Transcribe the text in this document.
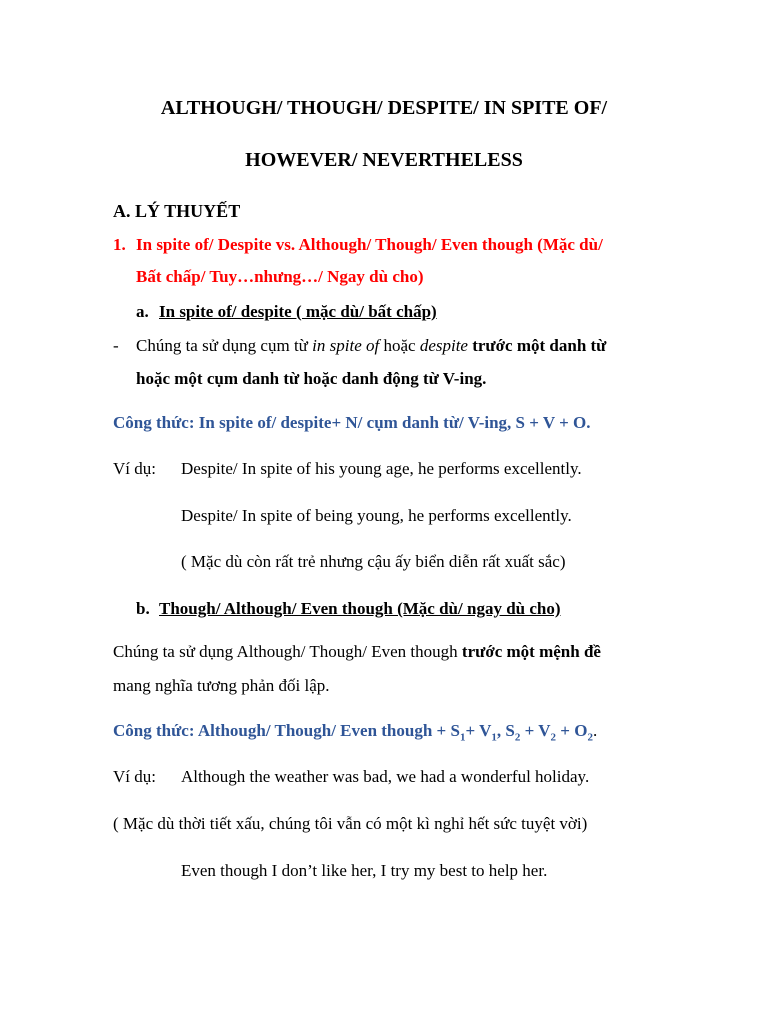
ALTHOUGH/ THOUGH/ DESPITE/ IN SPITE OF/
HOWEVER/ NEVERTHELESS
A. LÝ THUYẾT
1. In spite of/ Despite vs. Although/ Though/ Even though (Mặc dù/
Bất chấp/ Tuy…nhưng…/ Ngay dù cho)
a. In spite of/ despite ( mặc dù/ bất chấp)
- Chúng ta sử dụng cụm từ in spite of hoặc despite trước một danh từ
hoặc một cụm danh từ hoặc danh động từ V-ing.
Công thức: In spite of/ despite+ N/ cụm danh từ/ V-ing, S + V + O.
Ví dụ: Despite/ In spite of his young age, he performs excellently.
Despite/ In spite of being young, he performs excellently.
( Mặc dù còn rất trẻ nhưng cậu ấy biển diễn rất xuất sắc)
b. Though/ Although/ Even though (Mặc dù/ ngay dù cho)
Chúng ta sử dụng Although/ Though/ Even though trước một mệnh đề
mang nghĩa tương phản đối lập.
Công thức: Although/ Though/ Even though + $S_1+ V_1$, $S_2 + V_2 + O_2$.
Ví dụ: Although the weather was bad, we had a wonderful holiday.
( Mặc dù thời tiết xấu, chúng tôi vẫn có một kì nghỉ hết sức tuyệt vời)
Even though I don’t like her, I try my best to help her.
